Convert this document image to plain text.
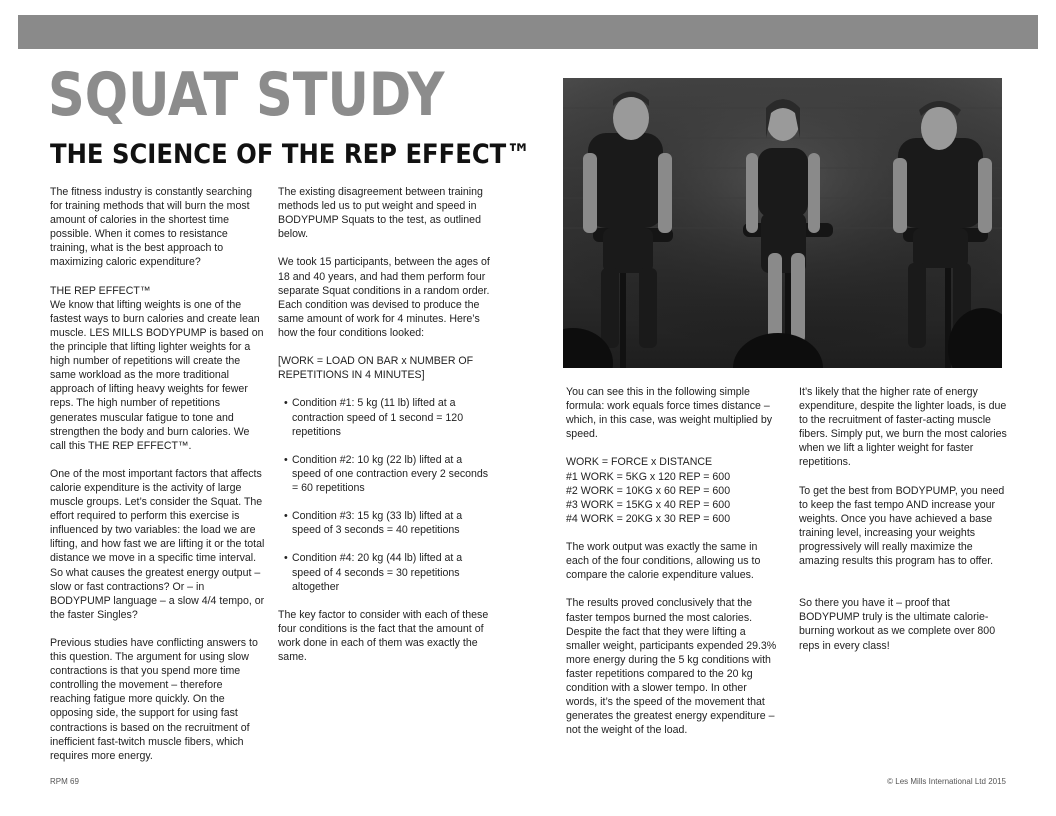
SQUAT STUDY
THE SCIENCE OF THE REP EFFECT™

The fitness industry is constantly searching for training methods that will burn the most amount of calories in the shortest time possible. When it comes to resistance training, what is the best approach to maximizing caloric expenditure?

THE REP EFFECT™

We know that lifting weights is one of the fastest ways to burn calories and create lean muscle. LES MILLS BODYPUMP is based on the principle that lifting lighter weights for a high number of repetitions will create the same workload as the more traditional approach of lifting heavy weights for fewer reps. The high number of repetitions generates muscular fatigue to tone and strengthen the body and burn calories. We call this THE REP EFFECT™.

One of the most important factors that affects calorie expenditure is the activity of large muscle groups. Let’s consider the Squat. The effort required to perform this exercise is influenced by two variables: the load we are lifting, and how fast we are lifting it or the total distance we move in a specific time interval. So what causes the greatest energy output – slow or fast contractions? Or – in BODYPUMP language – a slow 4/4 tempo, or the faster Singles?

Previous studies have conflicting answers to this question. The argument for using slow contractions is that you spend more time controlling the movement – therefore reaching fatigue more quickly. On the opposing side, the support for using fast contractions is based on the recruitment of inefficient fast-twitch muscle fibers, which requires more energy.

The existing disagreement between training methods led us to put weight and speed in BODYPUMP Squats to the test, as outlined below.

We took 15 participants, between the ages of 18 and 40 years, and had them perform four separate Squat conditions in a random order. Each condition was devised to produce the same amount of work for 4 minutes. Here’s how the four conditions looked:

[WORK = LOAD ON BAR x NUMBER OF REPETITIONS IN 4 MINUTES]

• Condition #1: 5 kg (11 lb) lifted at a contraction speed of 1 second = 120 repetitions
• Condition #2: 10 kg (22 lb) lifted at a speed of one contraction every 2 seconds = 60 repetitions
• Condition #3: 15 kg (33 lb) lifted at a speed of 3 seconds = 40 repetitions
• Condition #4: 20 kg (44 lb) lifted at a speed of 4 seconds = 30 repetitions altogether

The key factor to consider with each of these four conditions is the fact that the amount of work done in each of them was exactly the same.

You can see this in the following simple formula: work equals force times distance – which, in this case, was weight multiplied by speed.

WORK = FORCE x DISTANCE
#1 WORK = 5KG x 120 REP = 600
#2 WORK = 10KG x 60 REP = 600
#3 WORK = 15KG x 40 REP = 600
#4 WORK = 20KG x 30 REP = 600

The work output was exactly the same in each of the four conditions, allowing us to compare the calorie expenditure values.

The results proved conclusively that the faster tempos burned the most calories. Despite the fact that they were lifting a smaller weight, participants expended 29.3% more energy during the 5 kg conditions with faster repetitions compared to the 20 kg condition with a slower tempo. In other words, it’s the speed of the movement that generates the greatest energy expenditure – not the weight of the load.

It’s likely that the higher rate of energy expenditure, despite the lighter loads, is due to the recruitment of faster-acting muscle fibers. Simply put, we burn the most calories when we lift a lighter weight for faster repetitions.

To get the best from BODYPUMP, you need to keep the fast tempo AND increase your weights. Once you have achieved a base training level, increasing your weights progressively will really maximize the amazing results this program has to offer.

So there you have it – proof that BODYPUMP truly is the ultimate calorie-burning workout as we complete over 800 reps in every class!

RPM 69	© Les Mills International Ltd 2015
